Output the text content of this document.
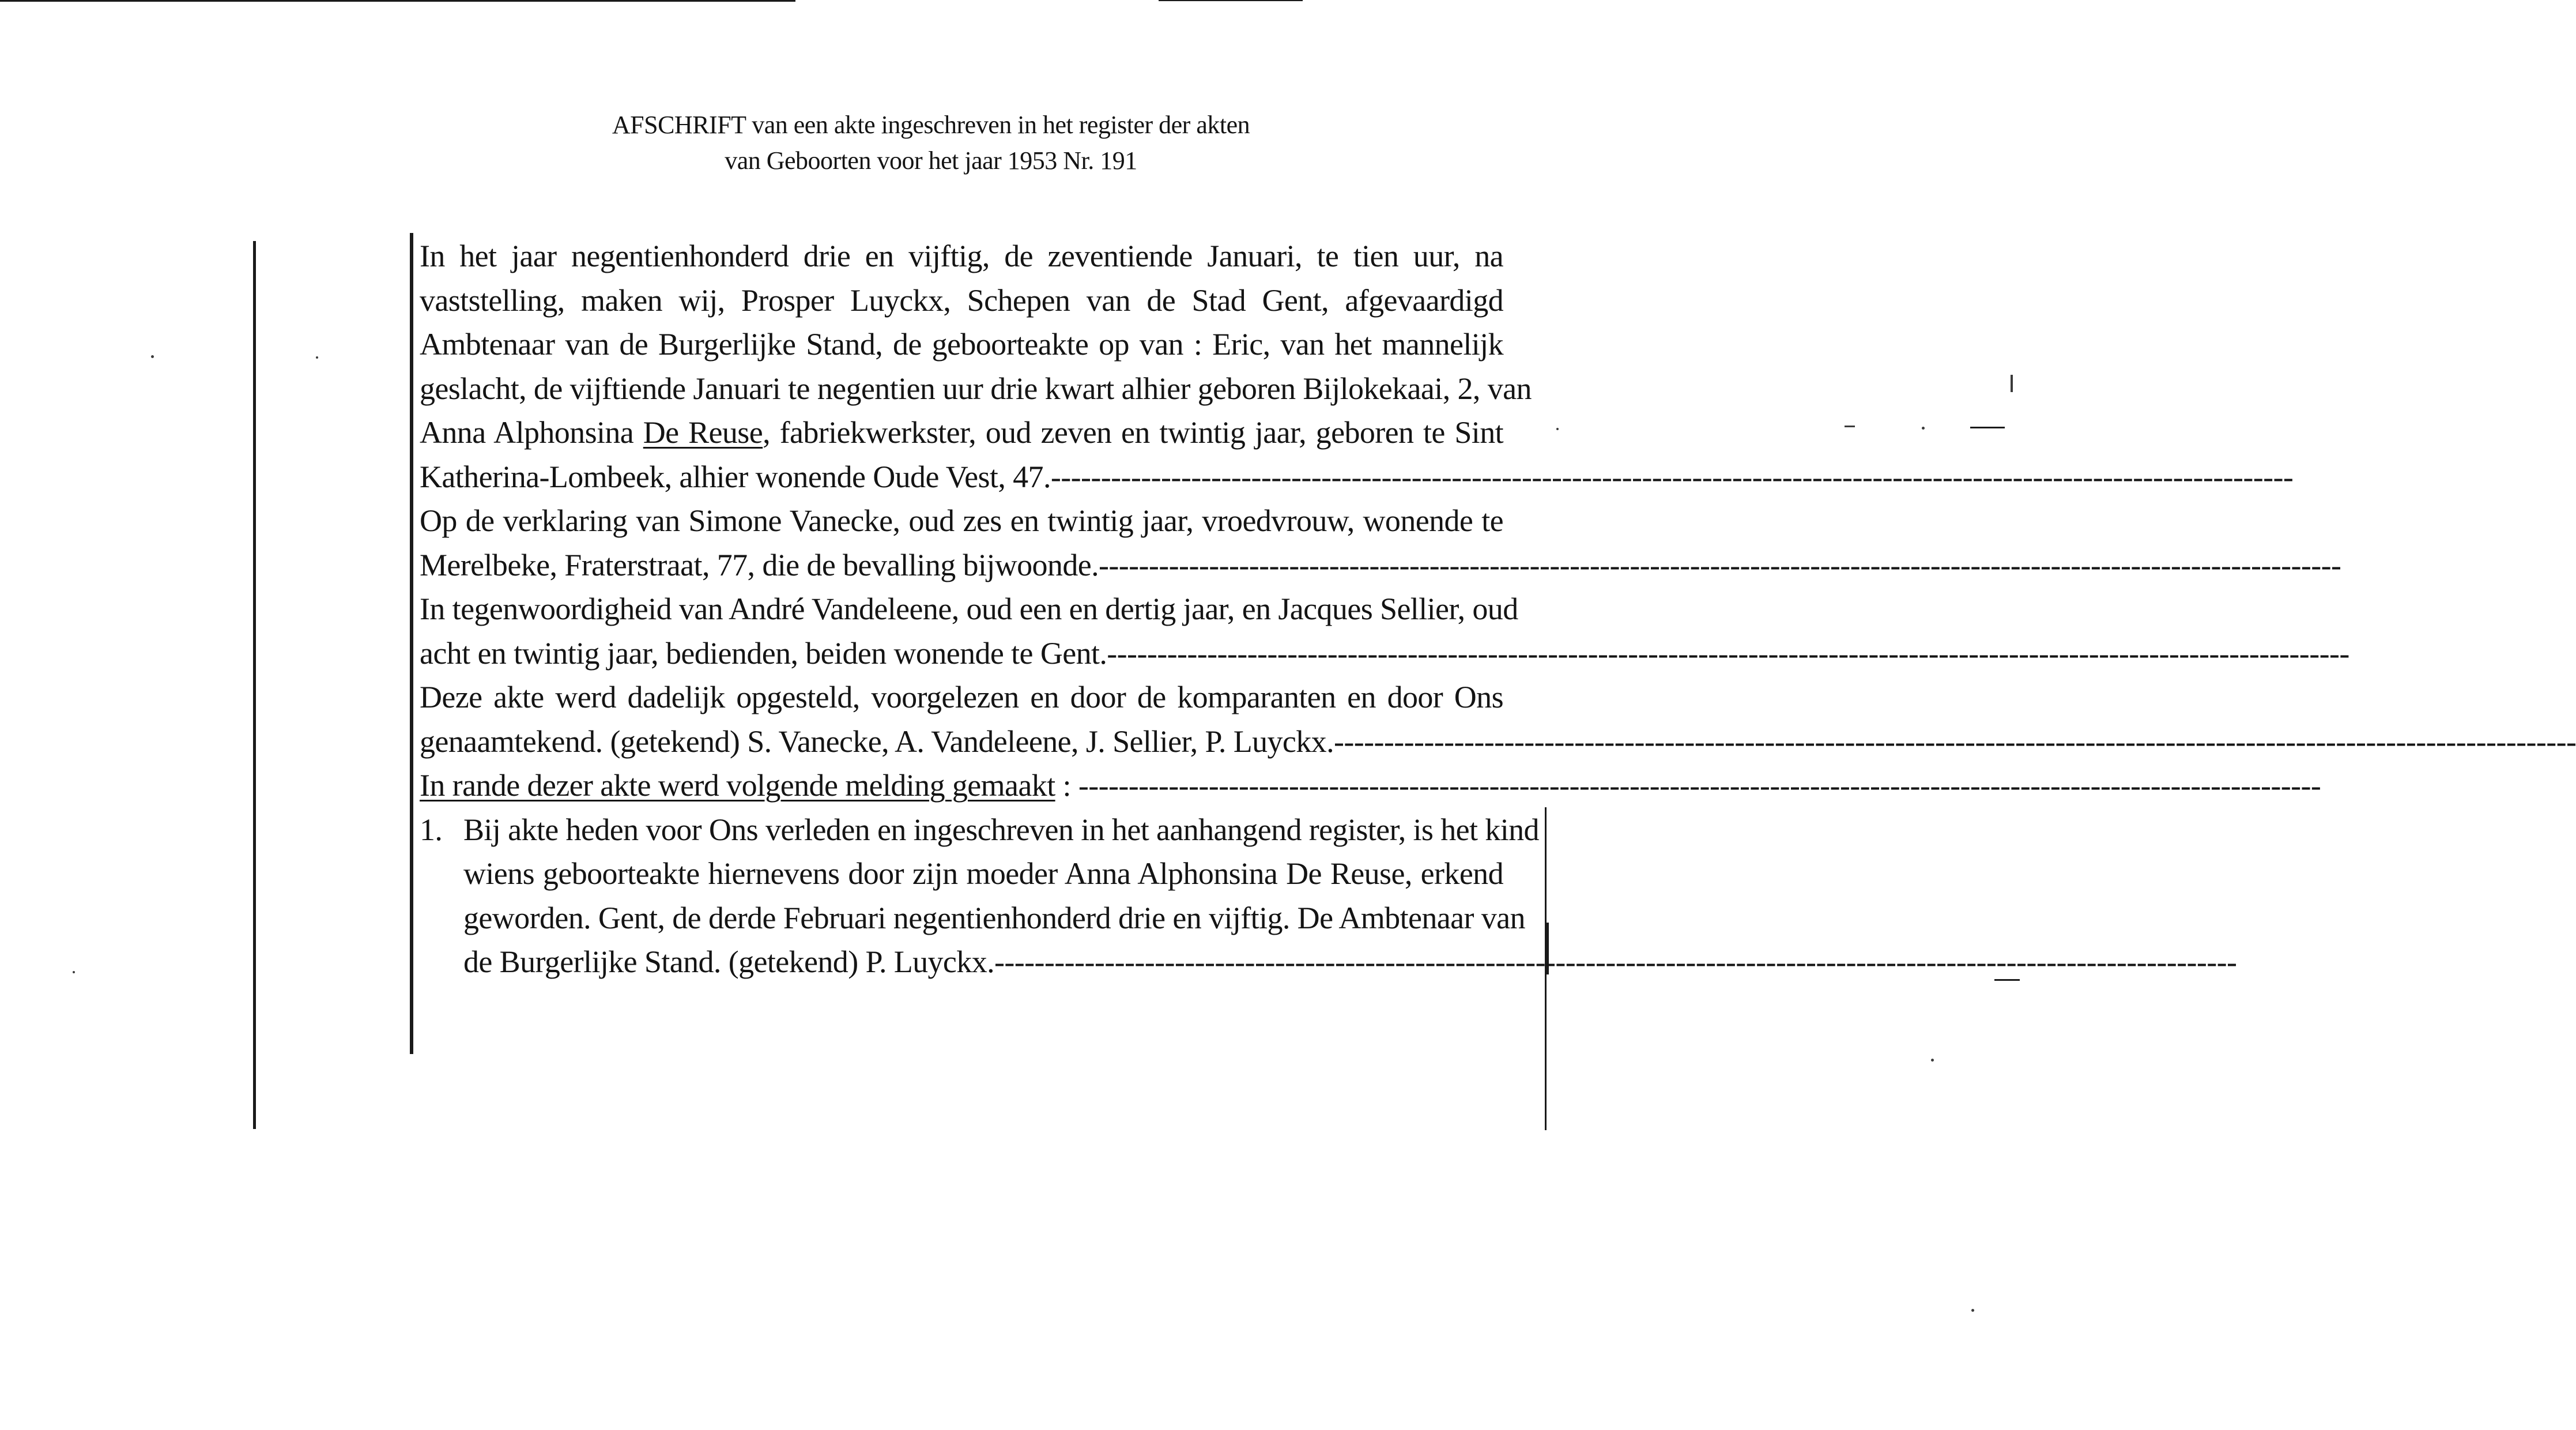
AFSCHRIFT van een akte ingeschreven in het register der akten
van Geboorten voor het jaar 1953 Nr. 191
In het jaar negentienhonderd drie en vijftig, de zeventiende Januari, te tien uur, na
vaststelling, maken wij, Prosper Luyckx, Schepen van de Stad Gent, afgevaardigd
Ambtenaar van de Burgerlijke Stand, de geboorteakte op van : Eric, van het mannelijk
geslacht, de vijftiende Januari te negentien uur drie kwart alhier geboren Bijlokekaai, 2, van
Anna Alphonsina De Reuse, fabriekwerkster, oud zeven en twintig jaar, geboren te Sint
Katherina-Lombeek, alhier wonende Oude Vest, 47. ----------------------------------------------------------------------------------------------------------------------------
Op de verklaring van Simone Vanecke, oud zes en twintig jaar, vroedvrouw, wonende te
Merelbeke, Fraterstraat, 77, die de bevalling bijwoonde. ----------------------------------------------------------------------------------------------------------------------------
In tegenwoordigheid van André Vandeleene, oud een en dertig jaar, en Jacques Sellier, oud
acht en twintig jaar, bedienden, beiden wonende te Gent. ----------------------------------------------------------------------------------------------------------------------------
Deze akte werd dadelijk opgesteld, voorgelezen en door de komparanten en door Ons
genaamtekend. (getekend) S. Vanecke, A. Vandeleene, J. Sellier, P. Luyckx. ----------------------------------------------------------------------------------------------------------------------------
In rande dezer akte werd volgende melding gemaakt : ----------------------------------------------------------------------------------------------------------------------------
1. Bij akte heden voor Ons verleden en ingeschreven in het aanhangend register, is het kind
wiens geboorteakte hiernevens door zijn moeder Anna Alphonsina De Reuse, erkend
geworden. Gent, de derde Februari negentienhonderd drie en vijftig. De Ambtenaar van
de Burgerlijke Stand. (getekend) P. Luyckx. ----------------------------------------------------------------------------------------------------------------------------
